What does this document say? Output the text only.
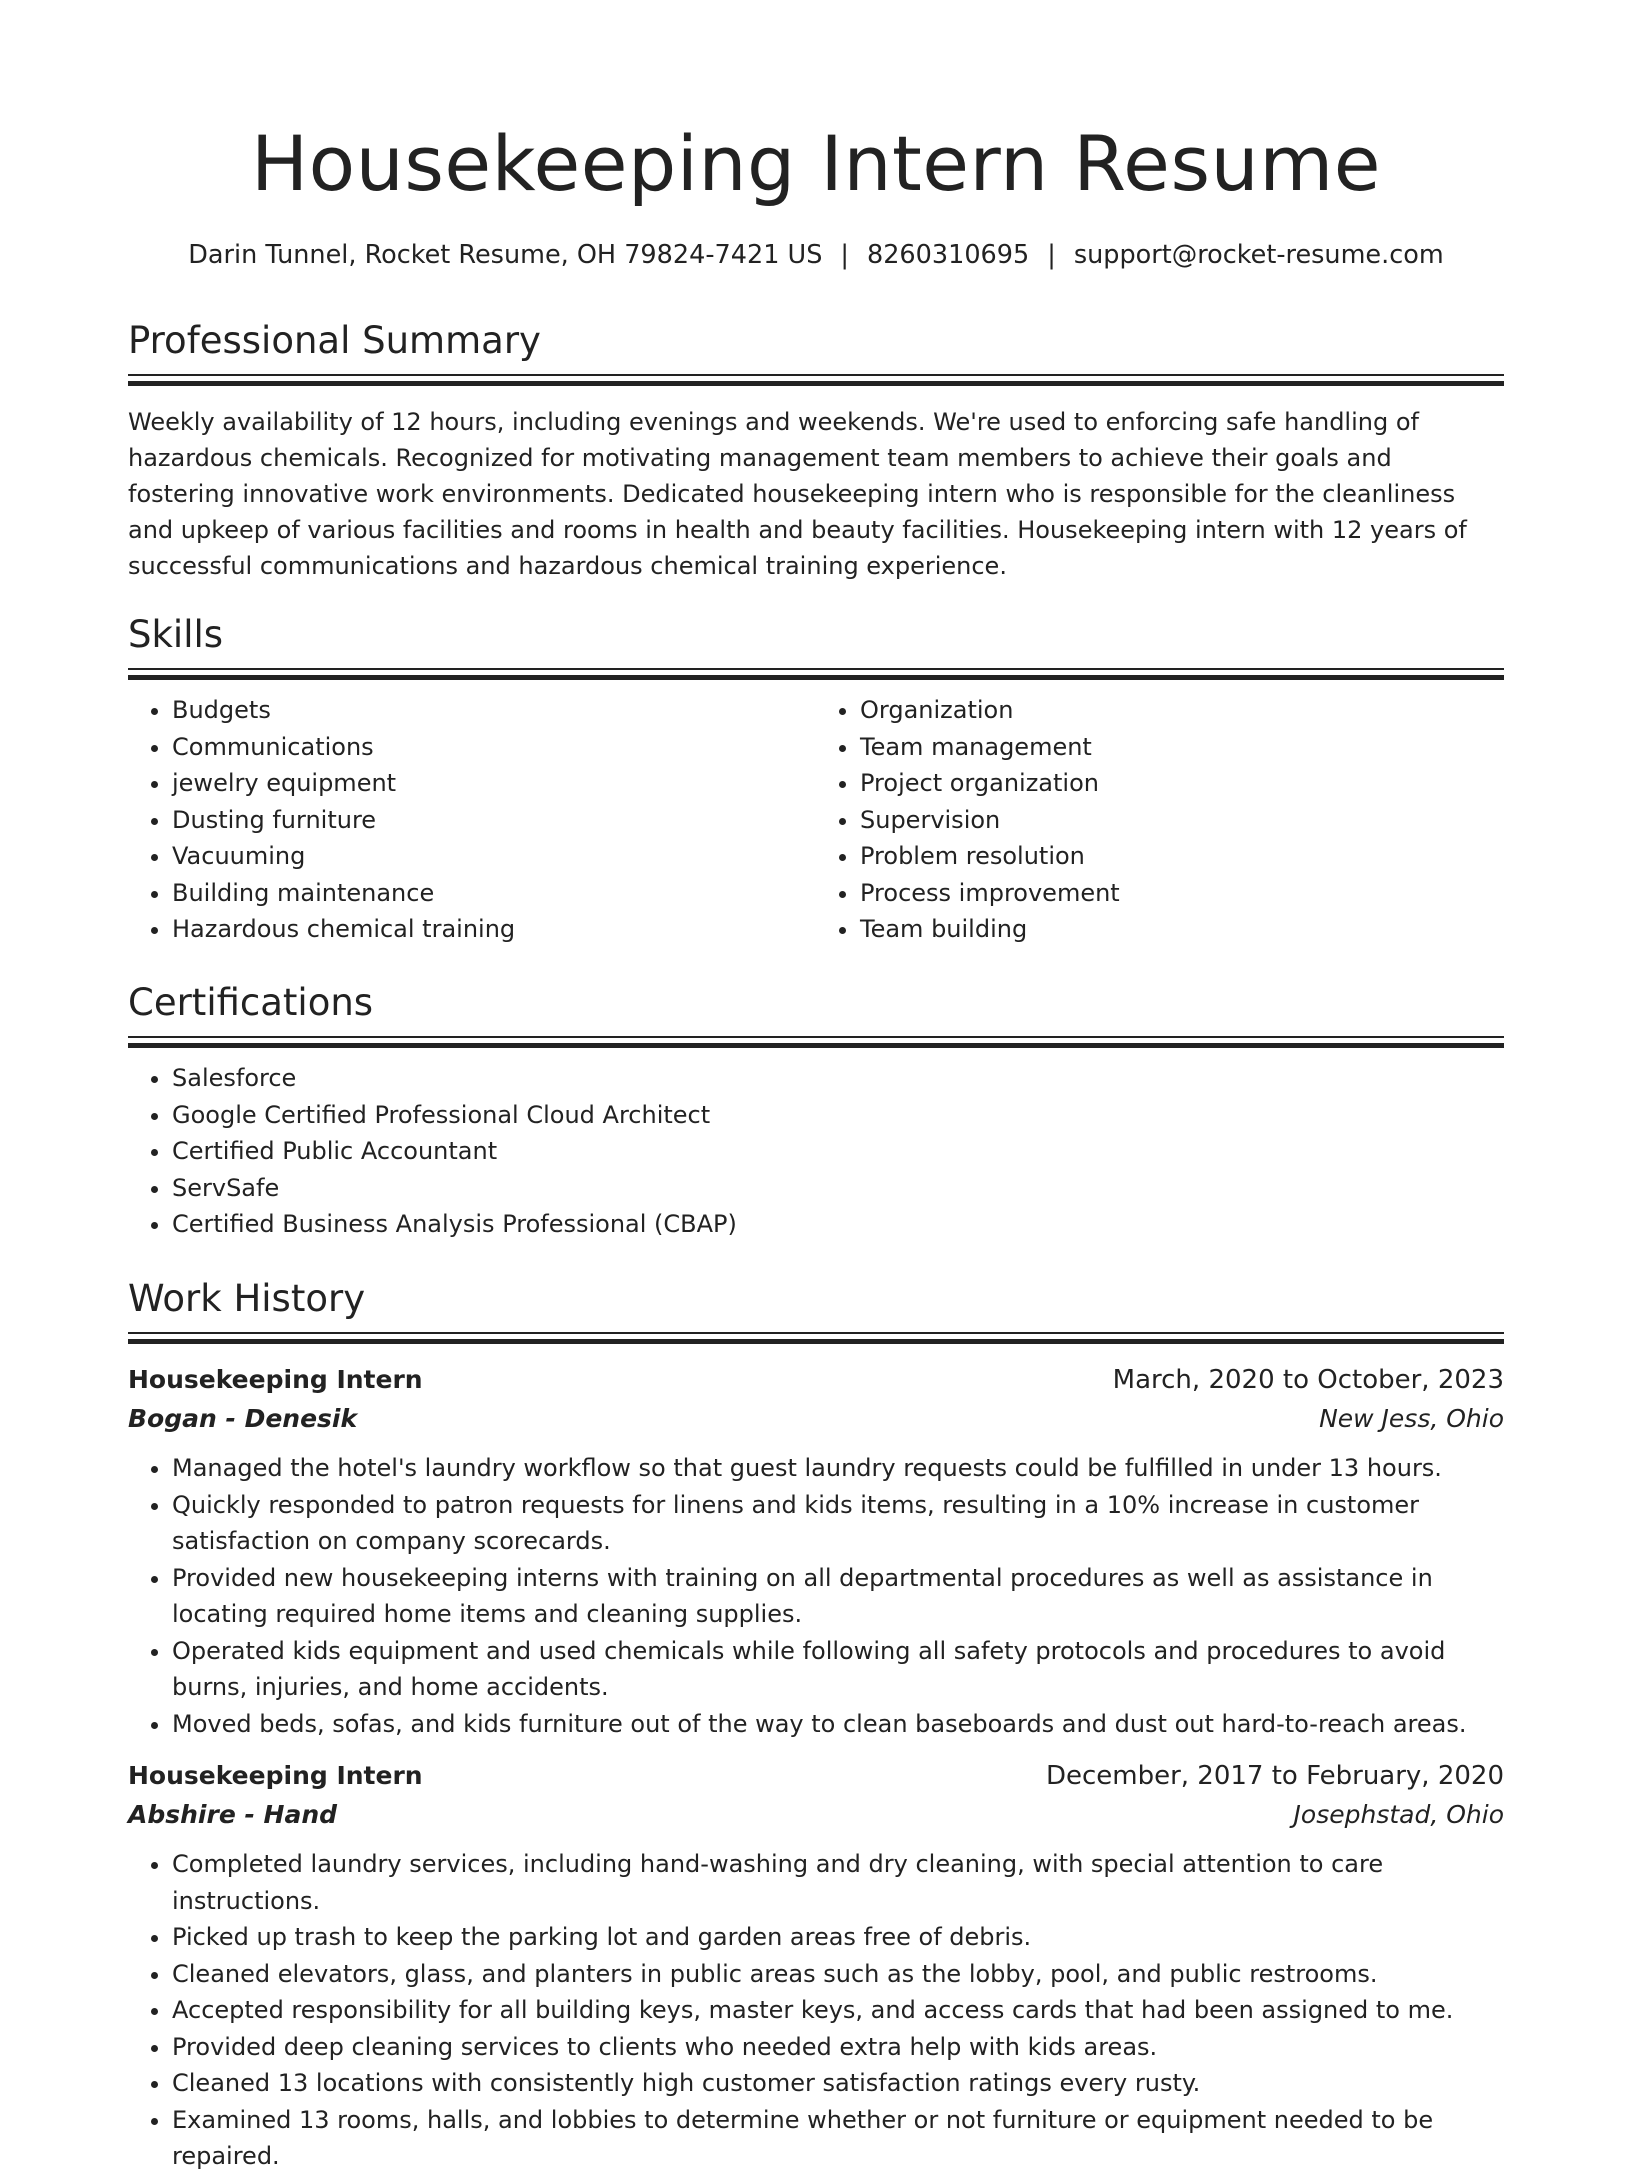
Housekeeping Intern Resume
Darin Tunnel, Rocket Resume, OH 79824-7421 US | 8260310695 | support@rocket-resume.com
Professional Summary

Weekly availability of 12 hours, including evenings and weekends. We're used to enforcing safe handling of hazardous chemicals. Recognized for motivating management team members to achieve their goals and fostering innovative work environments. Dedicated housekeeping intern who is responsible for the cleanliness and upkeep of various facilities and rooms in health and beauty facilities. Housekeeping intern with 12 years of successful communications and hazardous chemical training experience.

Skills
• Budgets
• Communications
• jewelry equipment
• Dusting furniture
• Vacuuming
• Building maintenance
• Hazardous chemical training
• Organization
• Team management
• Project organization
• Supervision
• Problem resolution
• Process improvement
• Team building
Certifications
• Salesforce
• Google Certified Professional Cloud Architect
• Certified Public Accountant
• ServSafe
• Certified Business Analysis Professional (CBAP)
Work History
Housekeeping Intern	March, 2020 to October, 2023
Bogan - Denesik	New Jess, Ohio
• Managed the hotel's laundry workflow so that guest laundry requests could be fulfilled in under 13 hours.
• Quickly responded to patron requests for linens and kids items, resulting in a 10% increase in customer satisfaction on company scorecards.
• Provided new housekeeping interns with training on all departmental procedures as well as assistance in locating required home items and cleaning supplies.
• Operated kids equipment and used chemicals while following all safety protocols and procedures to avoid burns, injuries, and home accidents.
• Moved beds, sofas, and kids furniture out of the way to clean baseboards and dust out hard-to-reach areas.
Housekeeping Intern	December, 2017 to February, 2020
Abshire - Hand	Josephstad, Ohio
• Completed laundry services, including hand-washing and dry cleaning, with special attention to care instructions.
• Picked up trash to keep the parking lot and garden areas free of debris.
• Cleaned elevators, glass, and planters in public areas such as the lobby, pool, and public restrooms.
• Accepted responsibility for all building keys, master keys, and access cards that had been assigned to me.
• Provided deep cleaning services to clients who needed extra help with kids areas.
• Cleaned 13 locations with consistently high customer satisfaction ratings every rusty.
• Examined 13 rooms, halls, and lobbies to determine whether or not furniture or equipment needed to be repaired.
